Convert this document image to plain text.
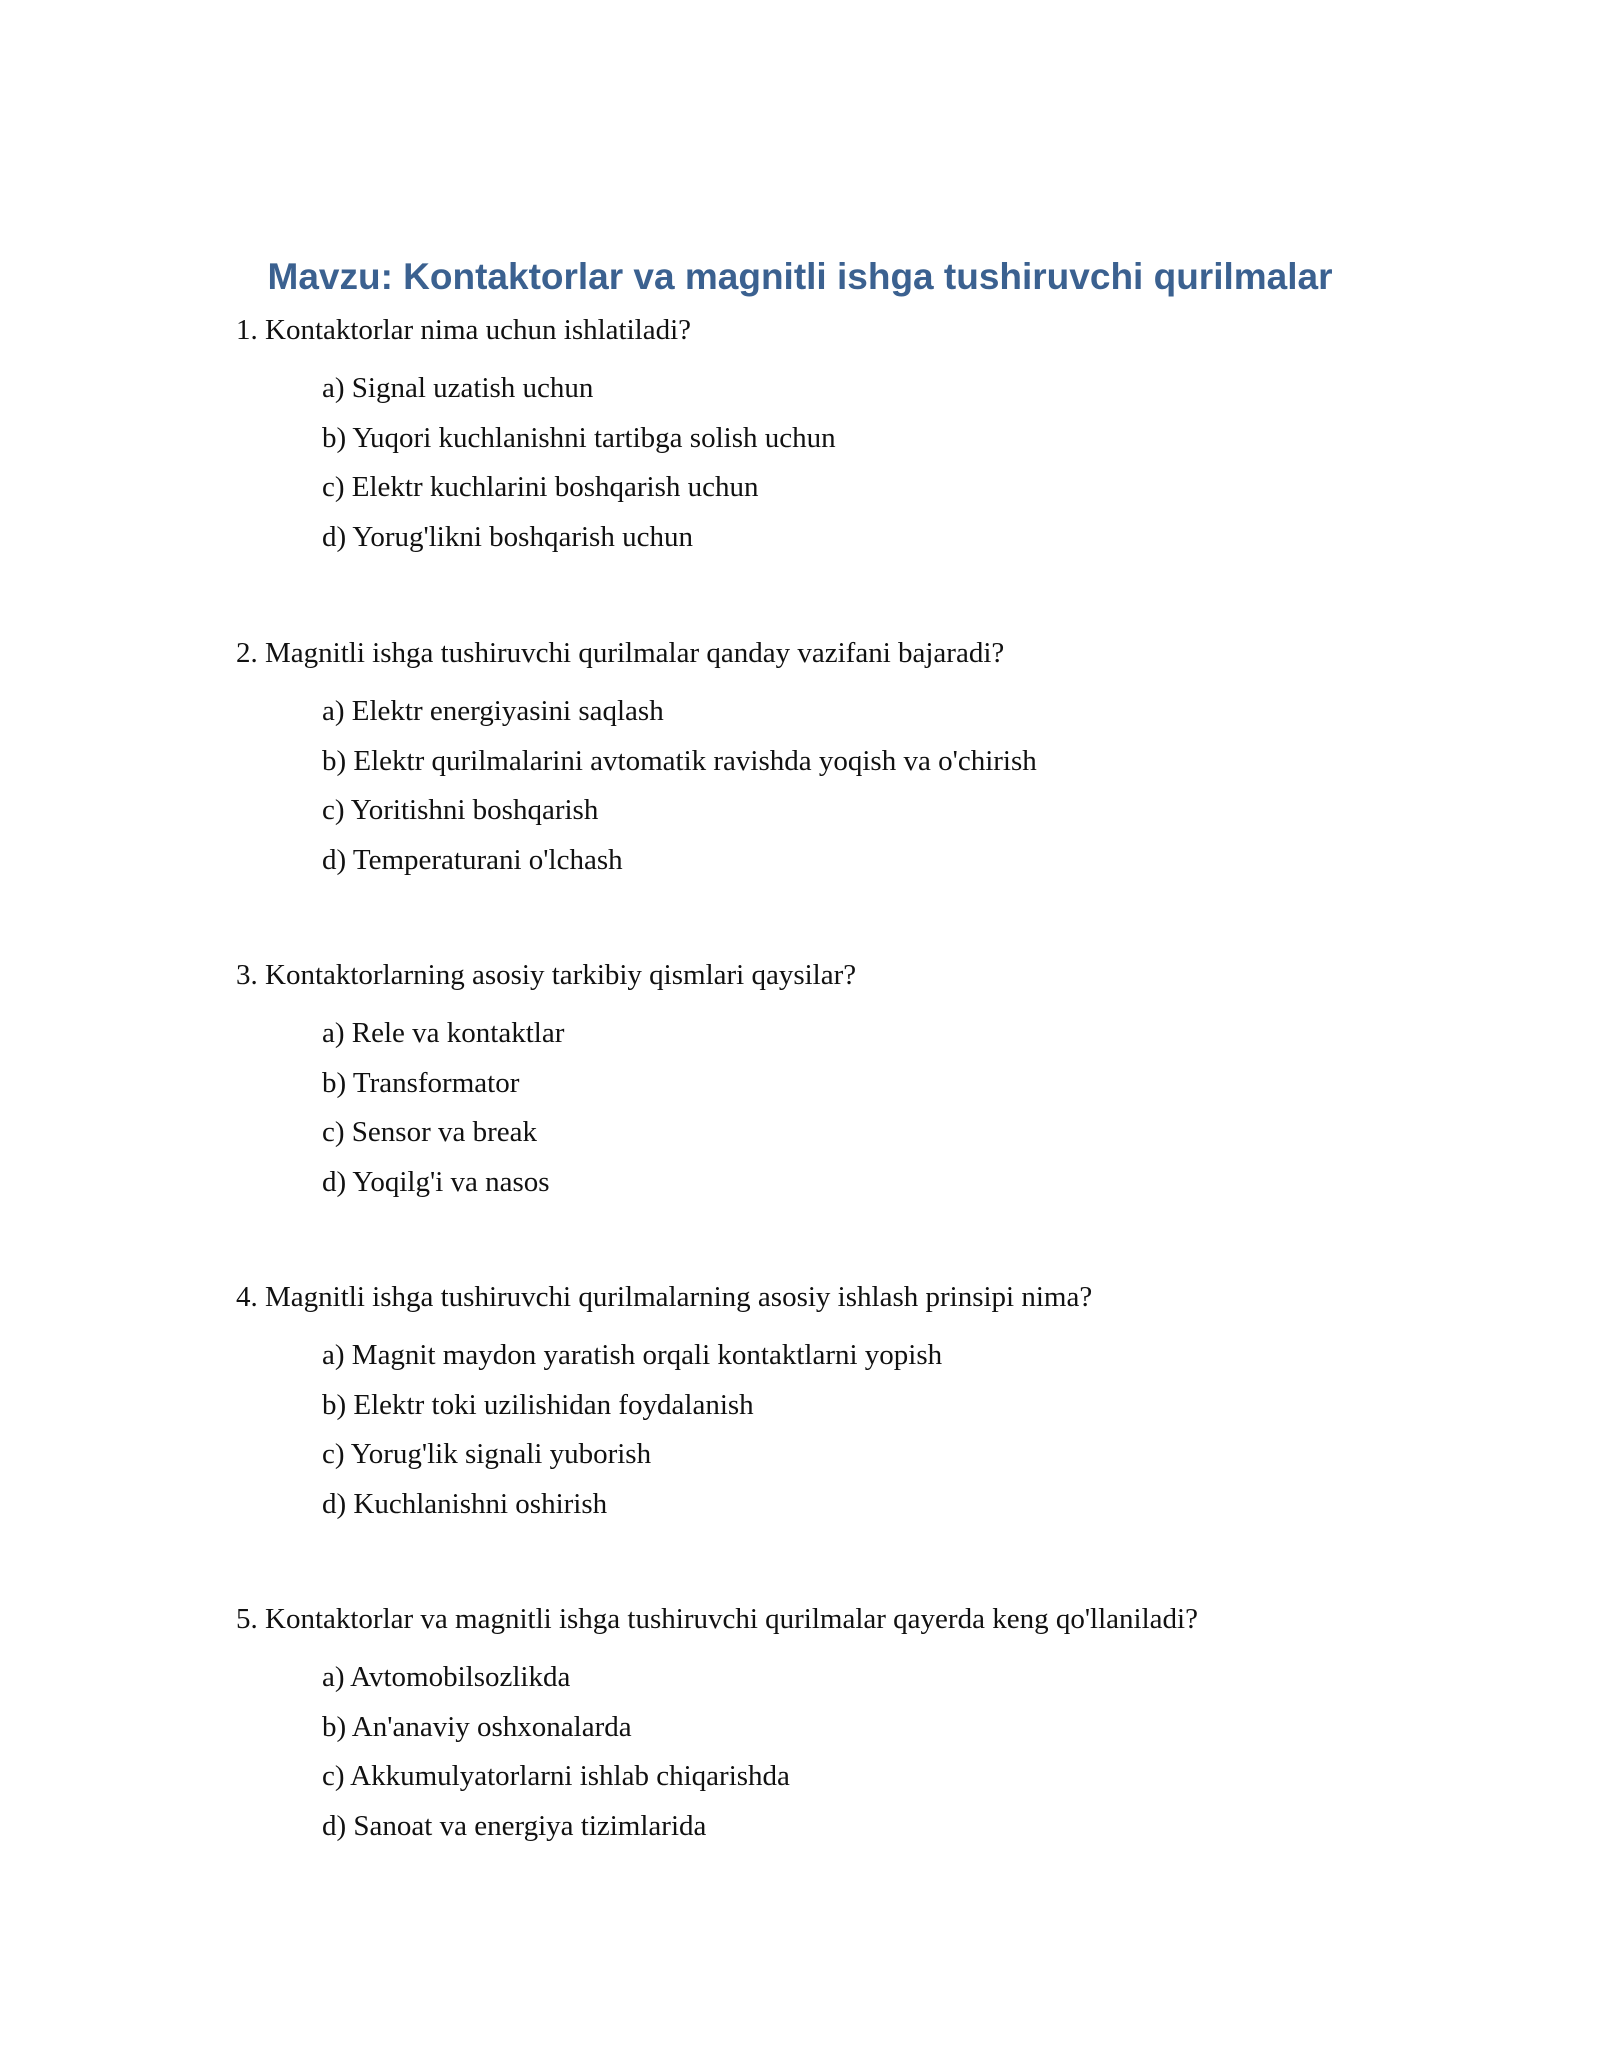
Mavzu: Kontaktorlar va magnitli ishga tushiruvchi qurilmalar

1. Kontaktorlar nima uchun ishlatiladi?

a) Signal uzatish uchun
b) Yuqori kuchlanishni tartibga solish uchun
c) Elektr kuchlarini boshqarish uchun
d) Yorug'likni boshqarish uchun

2. Magnitli ishga tushiruvchi qurilmalar qanday vazifani bajaradi?

a) Elektr energiyasini saqlash
b) Elektr qurilmalarini avtomatik ravishda yoqish va o'chirish
c) Yoritishni boshqarish
d) Temperaturani o'lchash

3. Kontaktorlarning asosiy tarkibiy qismlari qaysilar?

a) Rele va kontaktlar
b) Transformator
c) Sensor va break
d) Yoqilg'i va nasos

4. Magnitli ishga tushiruvchi qurilmalarning asosiy ishlash prinsipi nima?

a) Magnit maydon yaratish orqali kontaktlarni yopish
b) Elektr toki uzilishidan foydalanish
c) Yorug'lik signali yuborish
d) Kuchlanishni oshirish

5. Kontaktorlar va magnitli ishga tushiruvchi qurilmalar qayerda keng qo'llaniladi?

a) Avtomobilsozlikda
b) An'anaviy oshxonalarda
c) Akkumulyatorlarni ishlab chiqarishda
d) Sanoat va energiya tizimlarida
